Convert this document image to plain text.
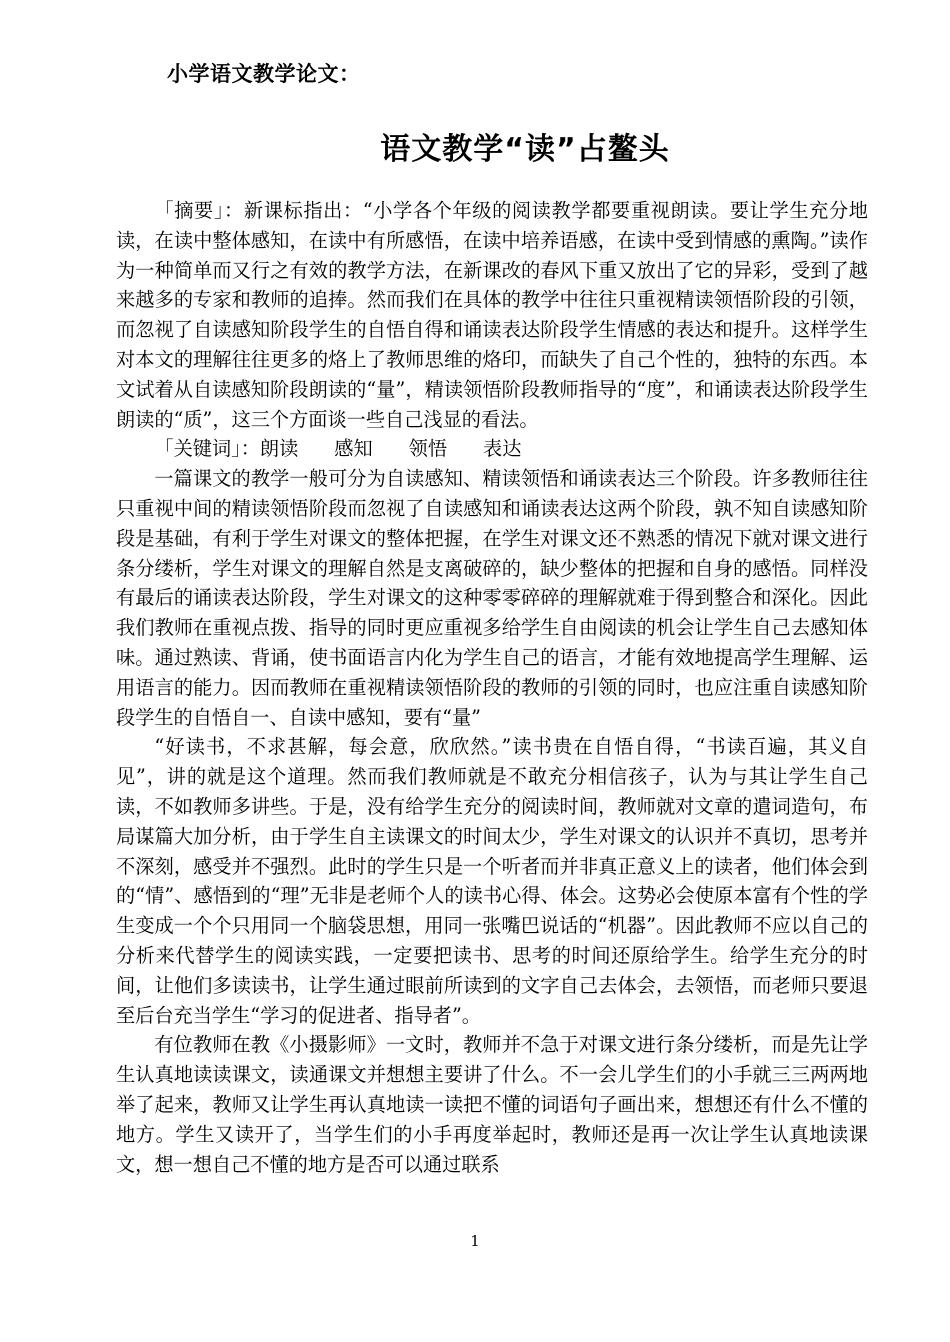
小学语文教学论文：
语文教学“读”占鳌头

「摘要」：新课标指出：“小学各个年级的阅读教学都要重视朗读。要让学生充分地读，在读中整体感知，在读中有所感悟，在读中培养语感，在读中受到情感的熏陶。”读作为一种简单而又行之有效的教学方法，在新课改的春风下重又放出了它的异彩，受到了越来越多的专家和教师的追捧。然而我们在具体的教学中往往只重视精读领悟阶段的引领，而忽视了自读感知阶段学生的自悟自得和诵读表达阶段学生情感的表达和提升。这样学生对本文的理解往往更多的烙上了教师思维的烙印，而缺失了自己个性的，独特的东西。本文试着从自读感知阶段朗读的“量”，精读领悟阶段教师指导的“度”，和诵读表达阶段学生朗读的“质”，这三个方面谈一些自己浅显的看法。

「关键词」：朗读 感知 领悟 表达

一篇课文的教学一般可分为自读感知、精读领悟和诵读表达三个阶段。许多教师往往只重视中间的精读领悟阶段而忽视了自读感知和诵读表达这两个阶段，孰不知自读感知阶段是基础，有利于学生对课文的整体把握，在学生对课文还不熟悉的情况下就对课文进行条分缕析，学生对课文的理解自然是支离破碎的，缺少整体的把握和自身的感悟。同样没有最后的诵读表达阶段，学生对课文的这种零零碎碎的理解就难于得到整合和深化。因此我们教师在重视点拨、指导的同时更应重视多给学生自由阅读的机会让学生自己去感知体味。通过熟读、背诵，使书面语言内化为学生自己的语言，才能有效地提高学生理解、运用语言的能力。因而教师在重视精读领悟阶段的教师的引领的同时，也应注重自读感知阶段学生的自悟自一、自读中感知，要有“量”

“好读书，不求甚解，每会意，欣欣然。”读书贵在自悟自得，“书读百遍，其义自见”，讲的就是这个道理。然而我们教师就是不敢充分相信孩子，认为与其让学生自己读，不如教师多讲些。于是，没有给学生充分的阅读时间，教师就对文章的遣词造句，布局谋篇大加分析，由于学生自主读课文的时间太少，学生对课文的认识并不真切，思考并不深刻，感受并不强烈。此时的学生只是一个听者而并非真正意义上的读者，他们体会到的“情”、感悟到的“理”无非是老师个人的读书心得、体会。这势必会使原本富有个性的学生变成一个个只用同一个脑袋思想，用同一张嘴巴说话的“机器”。因此教师不应以自己的分析来代替学生的阅读实践，一定要把读书、思考的时间还原给学生。给学生充分的时间，让他们多读读书，让学生通过眼前所读到的文字自己去体会，去领悟，而老师只要退至后台充当学生“学习的促进者、指导者”。

有位教师在教《小摄影师》一文时，教师并不急于对课文进行条分缕析，而是先让学生认真地读读课文，读通课文并想想主要讲了什么。不一会儿学生们的小手就三三两两地举了起来，教师又让学生再认真地读一读把不懂的词语句子画出来，想想还有什么不懂的地方。学生又读开了，当学生们的小手再度举起时，教师还是再一次让学生认真地读课文，想一想自己不懂的地方是否可以通过联系

1
